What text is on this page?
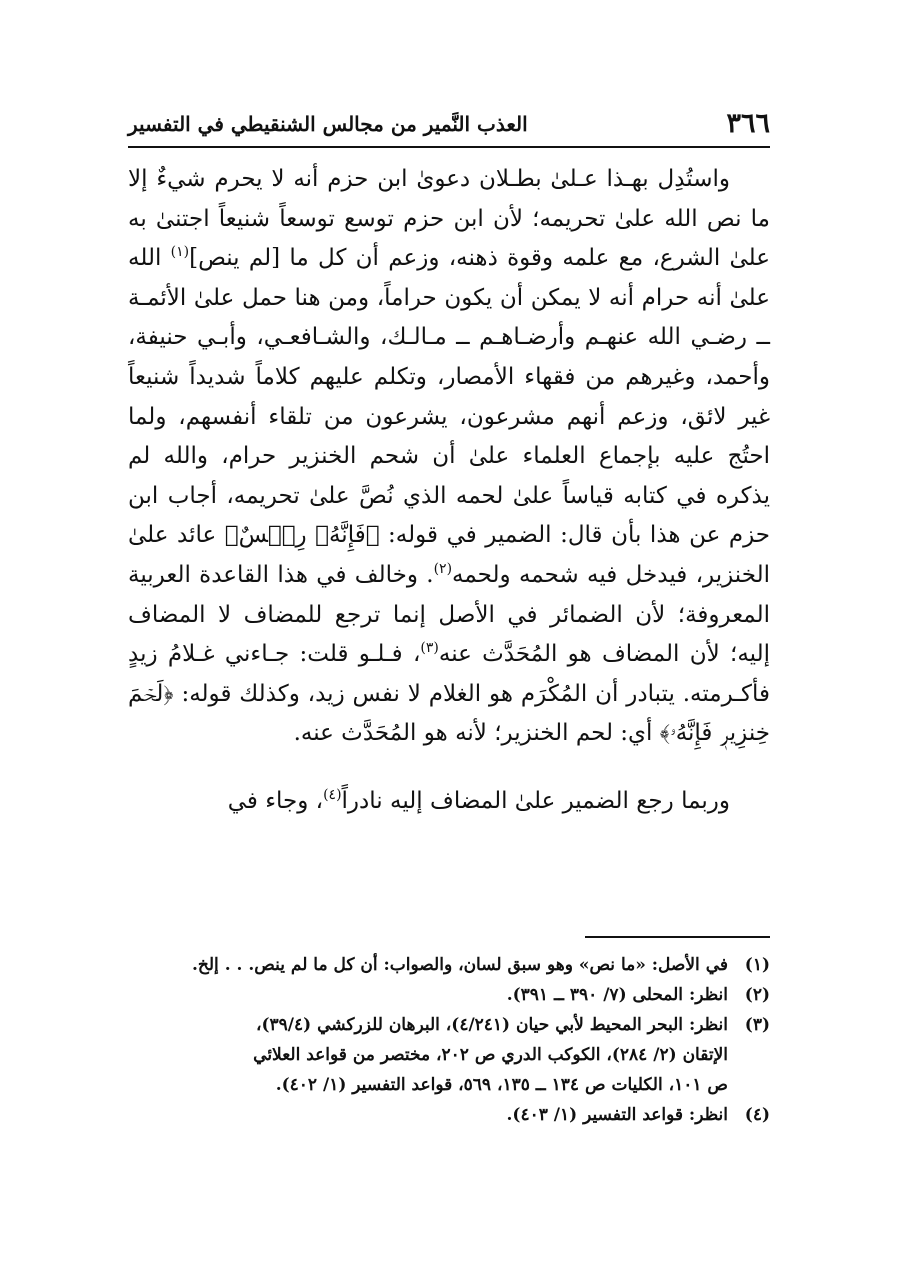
٣٦٦
العذب النَّمير من مجالس الشنقيطي في التفسير

واستُدِل بهـذا عـلىٰ بطـلان دعوىٰ ابن حزم أنه لا يحرم شيءٌ إلا ما نص الله علىٰ تحريمه؛ لأن ابن حزم توسع توسعاً شنيعاً اجتنىٰ به علىٰ الشرع، مع علمه وقوة ذهنه، وزعم أن كل ما [لم ينص]$^{(١)}$ الله علىٰ أنه حرام أنه لا يمكن أن يكون حراماً، ومن هنا حمل علىٰ الأئمـة ــ رضـي الله عنهـم وأرضـاهـم ــ مـالـك، والشـافعـي، وأبـي حنيفة، وأحمد، وغيرهم من فقهاء الأمصار، وتكلم عليهم كلاماً شديداً شنيعاً غير لائق، وزعم أنهم مشرعون، يشرعون من تلقاء أنفسهم، ولما احتُج عليه بإجماع العلماء علىٰ أن شحم الخنزير حرام، والله لم يذكره في كتابه قياساً علىٰ لحمه الذي نُصَّ علىٰ تحريمه، أجاب ابن حزم عن هذا بأن قال: الضمير في قوله: ﴿فَإِنَّهُۥ رِجۡسٌ﴾ عائد علىٰ الخنزير، فيدخل فيه شحمه ولحمه$^{(٢)}$. وخالف في هذا القاعدة العربية المعروفة؛ لأن الضمائر في الأصل إنما ترجع للمضاف لا المضاف إليه؛ لأن المضاف هو المُحَدَّث عنه$^{(٣)}$، فـلـو قلت: جـاءني غـلامُ زيدٍ فأكـرمته. يتبادر أن المُكْرَم هو الغلام لا نفس زيد، وكذلك قوله: ﴿لَحۡمَ خِنزِيرٖ فَإِنَّهُۥ﴾ أي: لحم الخنزير؛ لأنه هو المُحَدَّث عنه.

وربما رجع الضمير علىٰ المضاف إليه نادراً$^{(٤)}$، وجاء في

(١)
في الأصل: «ما نص» وهو سبق لسان، والصواب: أن كل ما لم ينص. . . إلخ.
(٢)
انظر: المحلى (٧/ ٣٩٠ ــ ٣٩١).
(٣)
انظر: البحر المحيط لأبي حيان (٤/٢٤١)، البرهان للزركشي (٣٩/٤)،
الإتقان (٢/ ٢٨٤)، الكوكب الدري ص ٢٠٢، مختصر من قواعد العلائي
ص ١٠١، الكليات ص ١٣٤ ــ ١٣٥، ٥٦٩، قواعد التفسير (١/ ٤٠٢).
(٤)
انظر: قواعد التفسير (١/ ٤٠٣).
